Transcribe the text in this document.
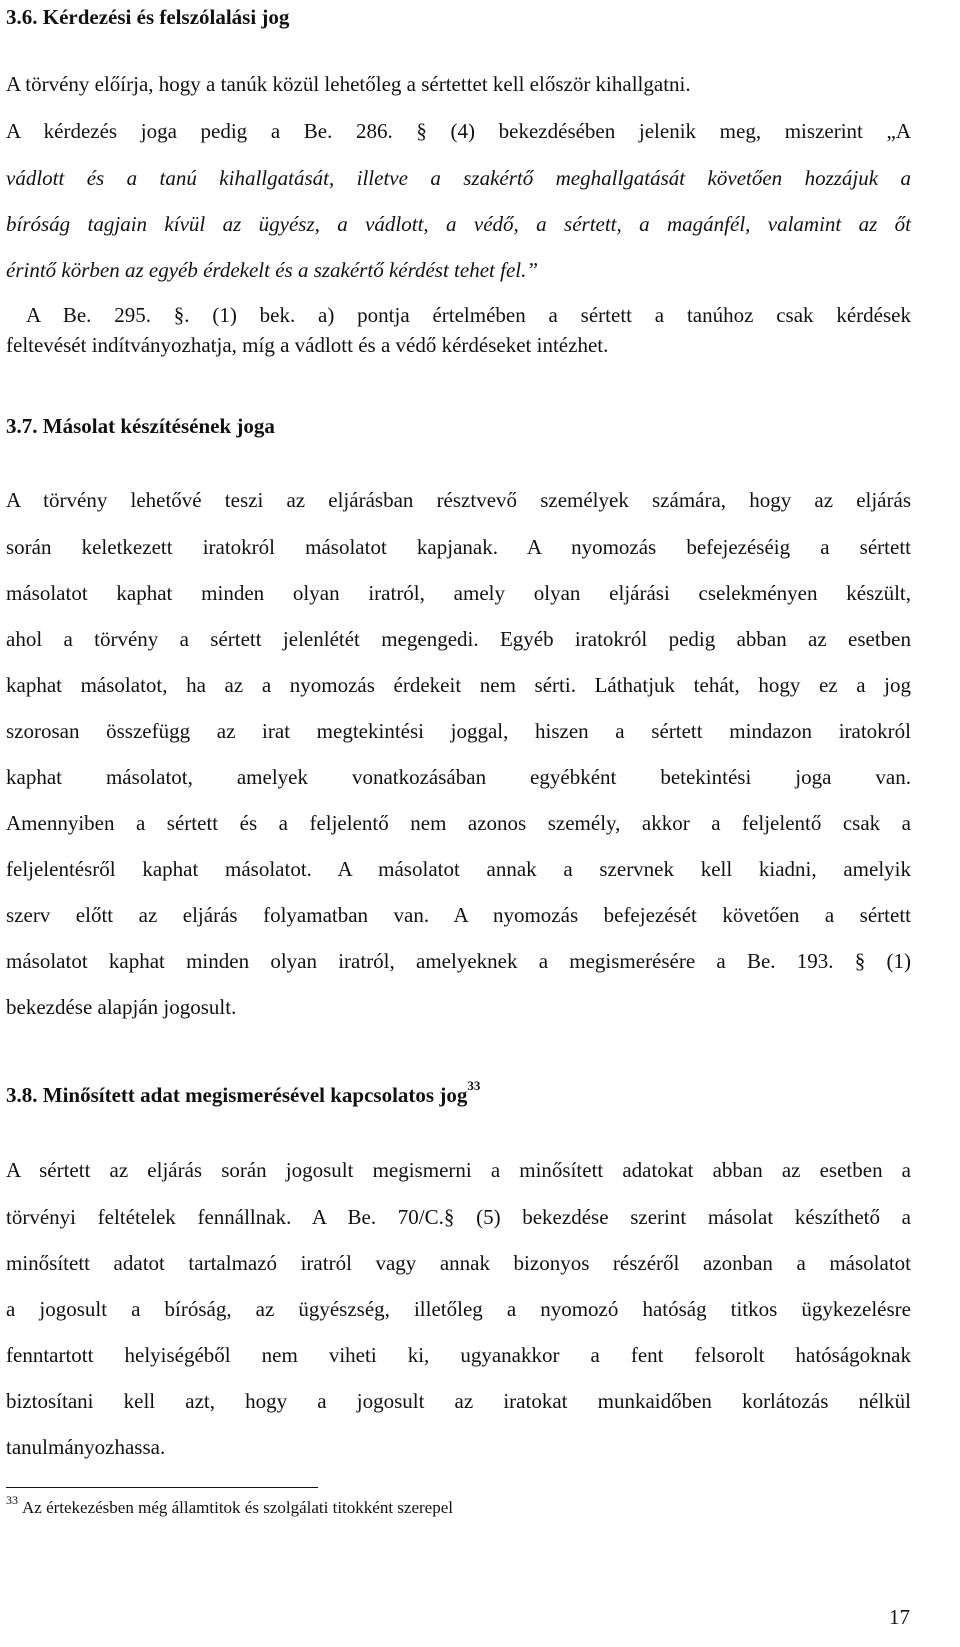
3.6. Kérdezési és felszólalási jog
A törvény előírja, hogy a tanúk közül lehetőleg a sértettet kell először kihallgatni.
A kérdezés joga pedig a Be. 286. § (4) bekezdésében jelenik meg, miszerint „A
vádlott és a tanú kihallgatását, illetve a szakértő meghallgatását követően hozzájuk a
bíróság tagjain kívül az ügyész, a vádlott, a védő, a sértett, a magánfél, valamint az őt
érintő körben az egyéb érdekelt és a szakértő kérdést tehet fel.”
A Be. 295. §. (1) bek. a) pontja értelmében a sértett a tanúhoz csak kérdések
feltevését indítványozhatja, míg a vádlott és a védő kérdéseket intézhet.
3.7. Másolat készítésének joga
A törvény lehetővé teszi az eljárásban résztvevő személyek számára, hogy az eljárás
során keletkezett iratokról másolatot kapjanak. A nyomozás befejezéséig a sértett
másolatot kaphat minden olyan iratról, amely olyan eljárási cselekményen készült,
ahol a törvény a sértett jelenlétét megengedi. Egyéb iratokról pedig abban az esetben
kaphat másolatot, ha az a nyomozás érdekeit nem sérti. Láthatjuk tehát, hogy ez a jog
szorosan összefügg az irat megtekintési joggal, hiszen a sértett mindazon iratokról
kaphat másolatot, amelyek vonatkozásában egyébként betekintési joga van.
Amennyiben a sértett és a feljelentő nem azonos személy, akkor a feljelentő csak a
feljelentésről kaphat másolatot. A másolatot annak a szervnek kell kiadni, amelyik
szerv előtt az eljárás folyamatban van. A nyomozás befejezését követően a sértett
másolatot kaphat minden olyan iratról, amelyeknek a megismerésére a Be. 193. § (1)
bekezdése alapján jogosult.
3.8. Minősített adat megismerésével kapcsolatos jog$^{33}$
A sértett az eljárás során jogosult megismerni a minősített adatokat abban az esetben a
törvényi feltételek fennállnak. A Be. 70/C.§ (5) bekezdése szerint másolat készíthető a
minősített adatot tartalmazó iratról vagy annak bizonyos részéről azonban a másolatot
a jogosult a bíróság, az ügyészség, illetőleg a nyomozó hatóság titkos ügykezelésre
fenntartott helyiségéből nem viheti ki, ugyanakkor a fent felsorolt hatóságoknak
biztosítani kell azt, hogy a jogosult az iratokat munkaidőben korlátozás nélkül
tanulmányozhassa.
$^{33}$ Az értekezésben még államtitok és szolgálati titokként szerepel
17
